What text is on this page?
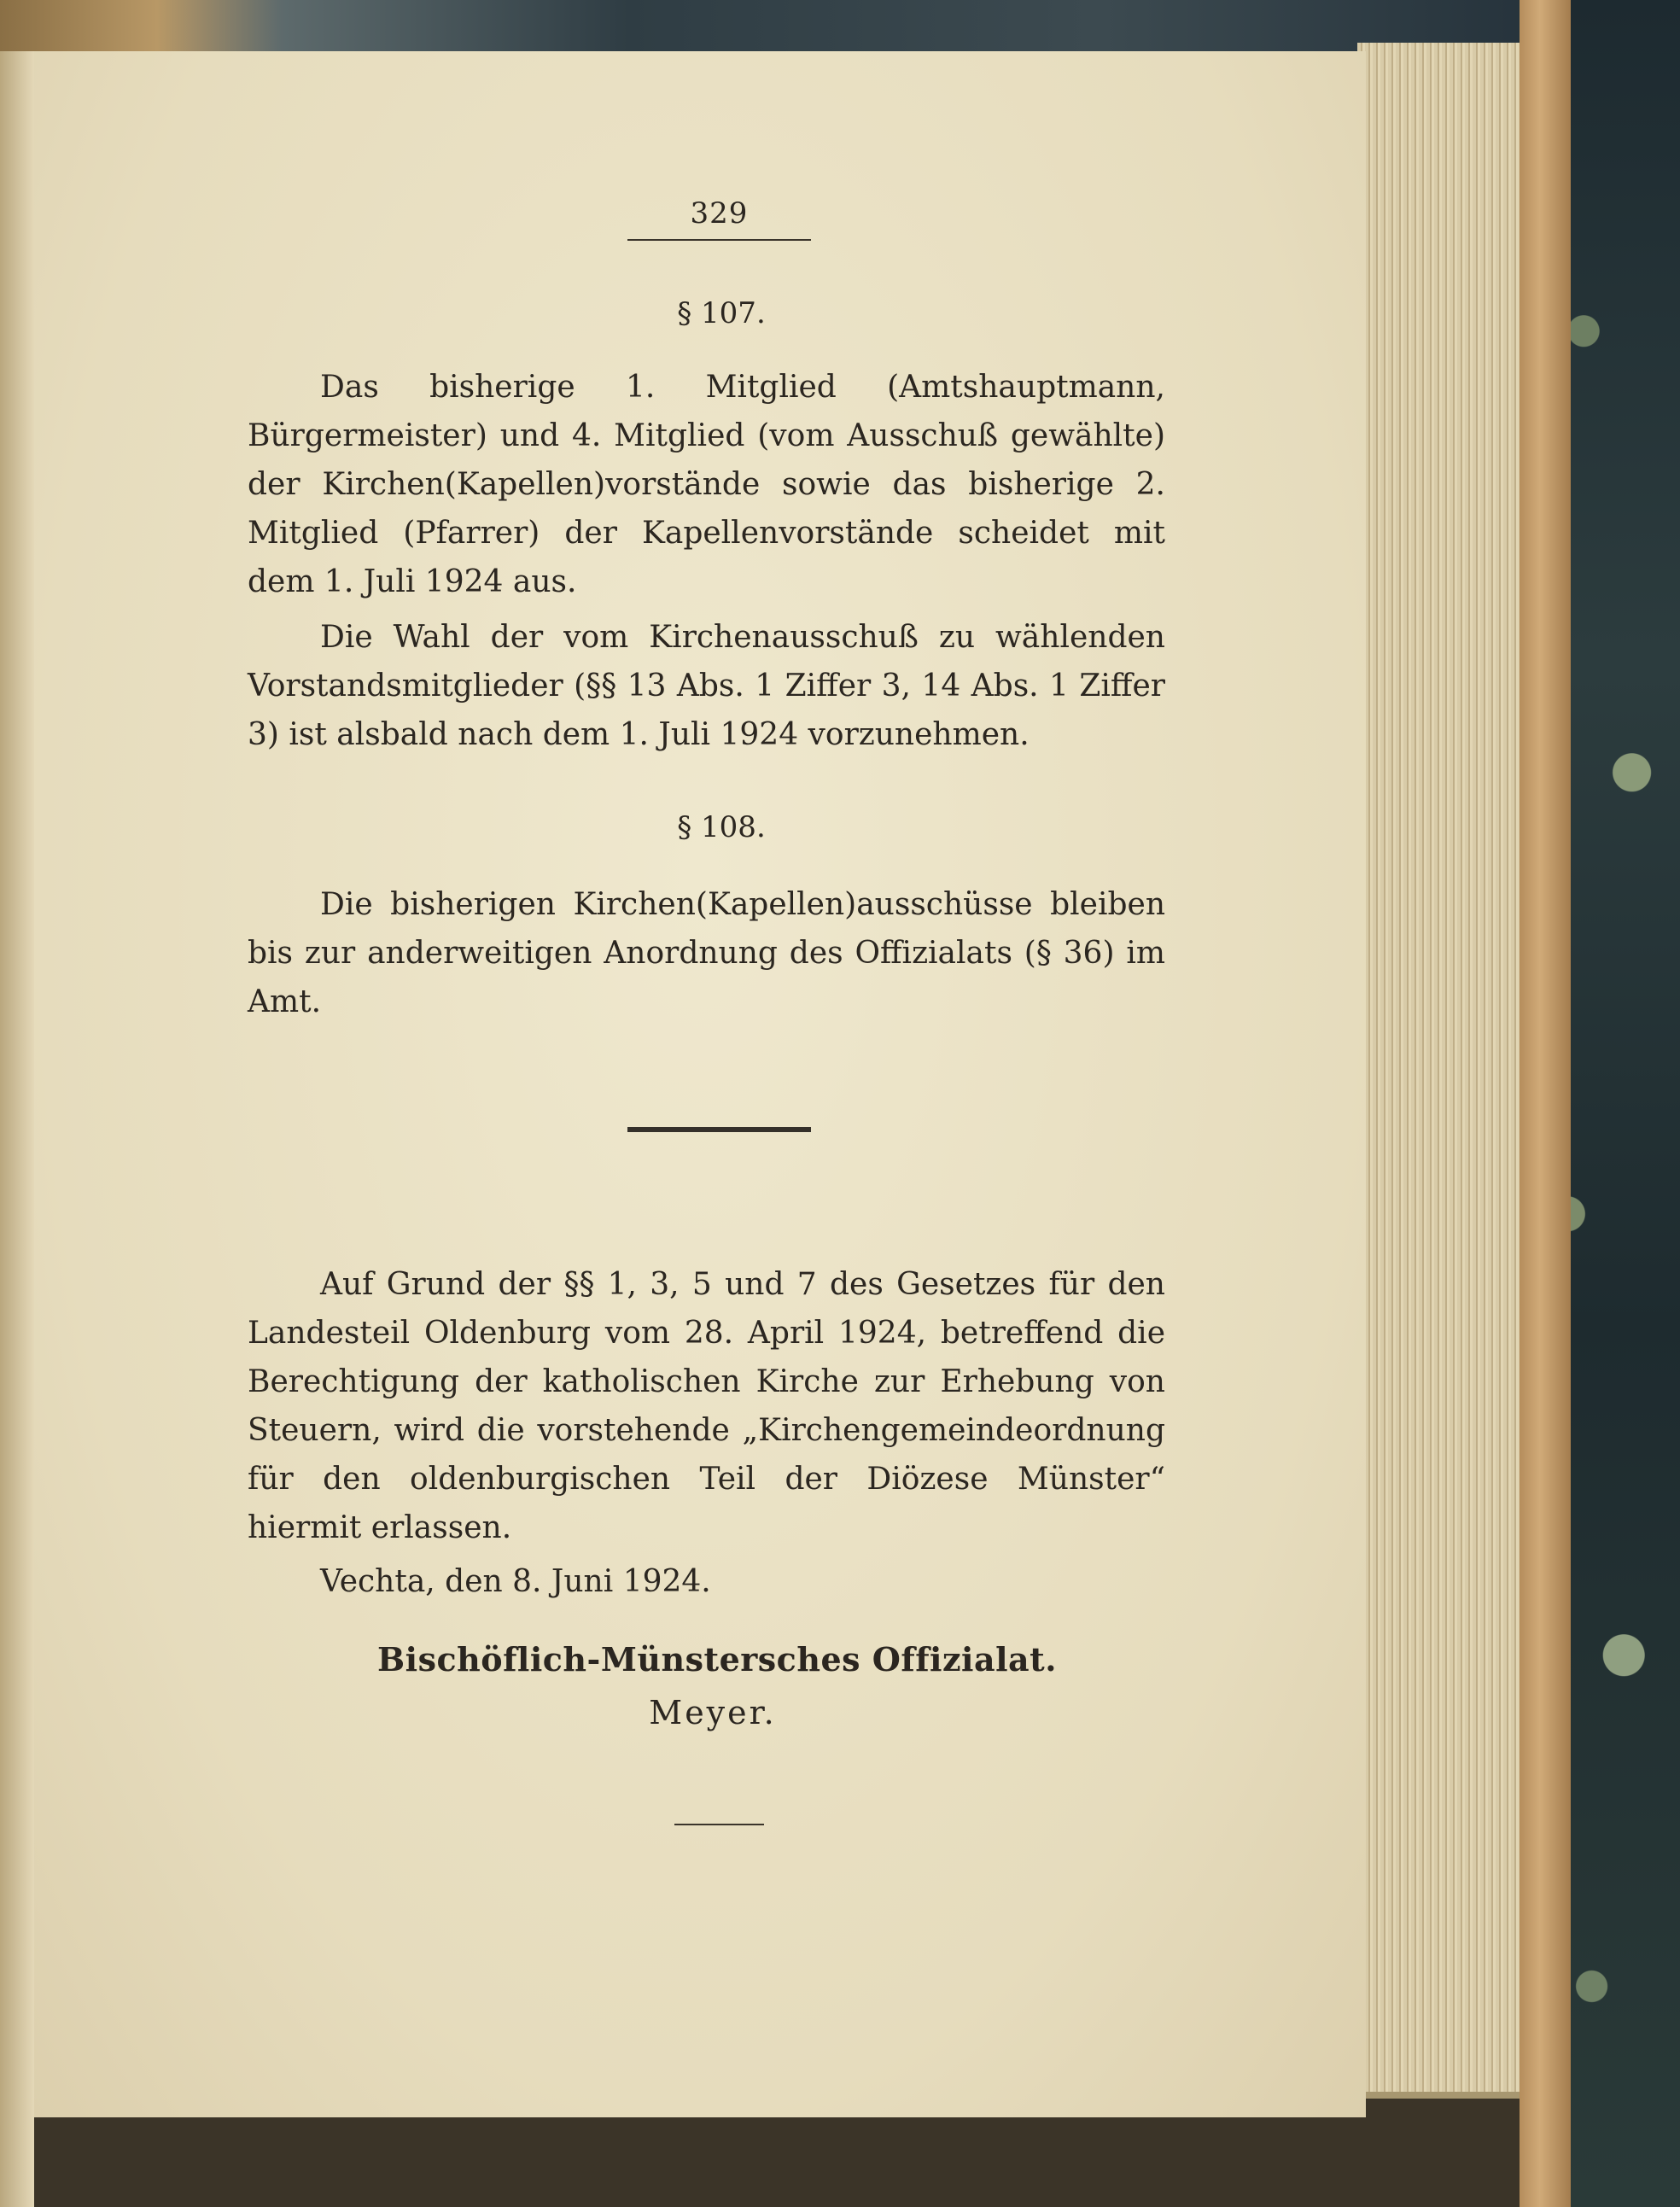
329
§ 107.

Das bisherige 1. Mitglied (Amtshauptmann, Bürgermeister) und 4. Mitglied (vom Ausschuß gewählte) der Kirchen(Kapellen)vorstände sowie das bisherige 2. Mitglied (Pfarrer) der Kapellenvorstände scheidet mit dem 1. Juli 1924 aus.

Die Wahl der vom Kirchenausschuß zu wählenden Vorstandsmitglieder (§§ 13 Abs. 1 Ziffer 3, 14 Abs. 1 Ziffer 3) ist alsbald nach dem 1. Juli 1924 vorzunehmen.

§ 108.

Die bisherigen Kirchen(Kapellen)ausschüsse bleiben bis zur anderweitigen Anordnung des Offizialats (§ 36) im Amt.

Auf Grund der §§ 1, 3, 5 und 7 des Gesetzes für den Landesteil Oldenburg vom 28. April 1924, betreffend die Berechtigung der katholischen Kirche zur Erhebung von Steuern, wird die vorstehende „Kirchengemeindeordnung für den oldenburgischen Teil der Diözese Münster“ hiermit erlassen.

Vechta, den 8. Juni 1924.

Bischöflich-Münstersches Offizialat.
Meyer.
